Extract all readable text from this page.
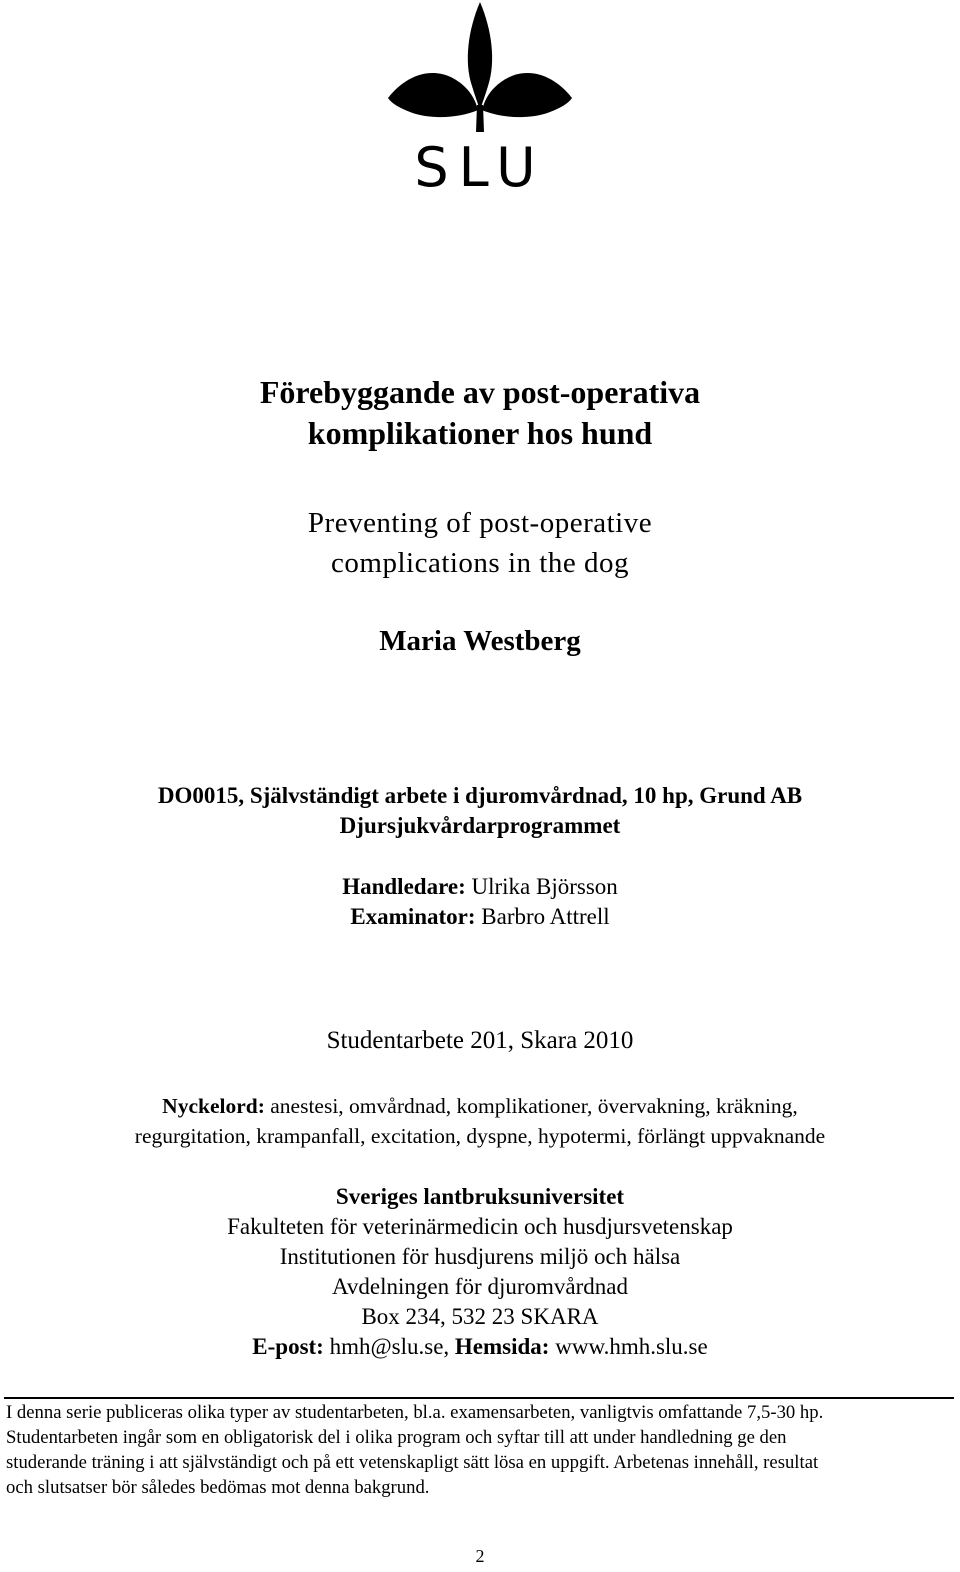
SLU
Förebyggande av post-operativa
komplikationer hos hund
Preventing of post-operative
complications in the dog
Maria Westberg
DO0015, Självständigt arbete i djuromvårdnad, 10 hp, Grund AB
Djursjukvårdarprogrammet
Handledare: Ulrika Björsson
Examinator: Barbro Attrell
Studentarbete 201, Skara 2010
Nyckelord: anestesi, omvårdnad, komplikationer, övervakning, kräkning,
regurgitation, krampanfall, excitation, dyspne, hypotermi, förlängt uppvaknande
Sveriges lantbruksuniversitet
Fakulteten för veterinärmedicin och husdjursvetenskap
Institutionen för husdjurens miljö och hälsa
Avdelningen för djuromvårdnad
Box 234, 532 23 SKARA
E-post: hmh@slu.se, Hemsida: www.hmh.slu.se
I denna serie publiceras olika typer av studentarbeten, bl.a. examensarbeten, vanligtvis omfattande 7,5-30 hp.
Studentarbeten ingår som en obligatorisk del i olika program och syftar till att under handledning ge den
studerande träning i att självständigt och på ett vetenskapligt sätt lösa en uppgift. Arbetenas innehåll, resultat
och slutsatser bör således bedömas mot denna bakgrund.
2
